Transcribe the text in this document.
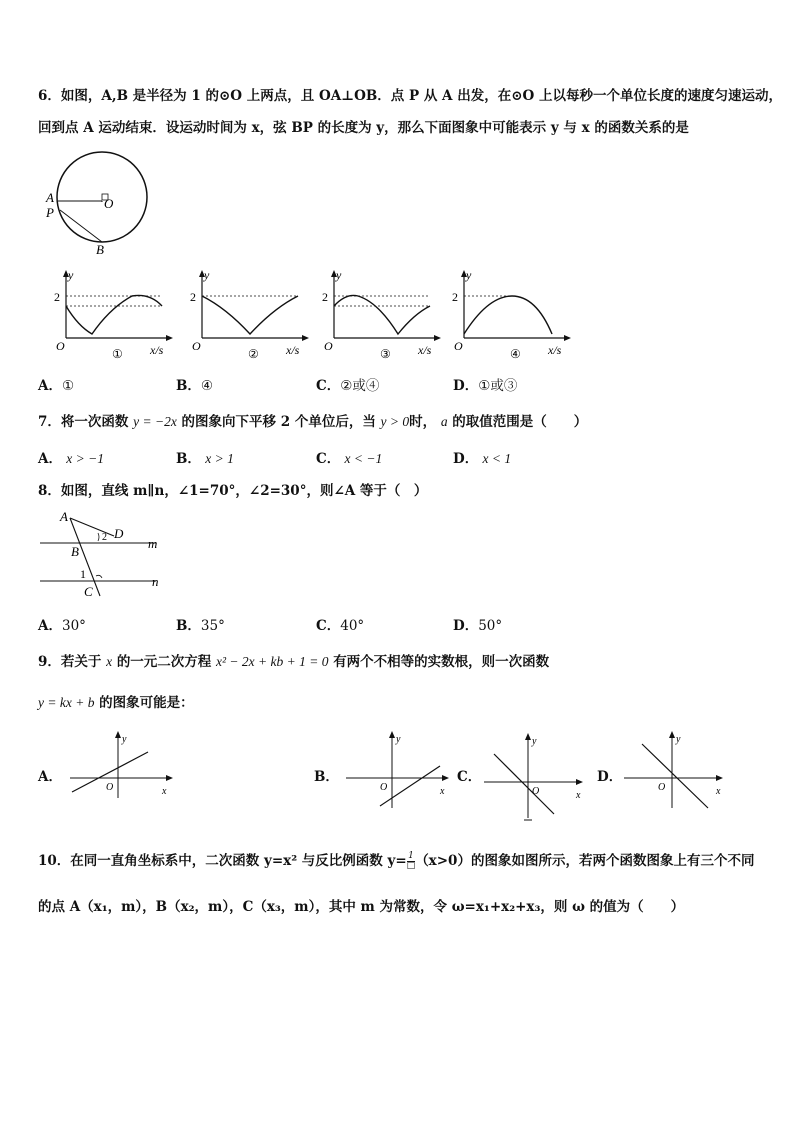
6．如图，A,B 是半径为 1 的⊙O 上两点，且 OA⊥OB．点 P 从 A 出发，在⊙O 上以每秒一个单位长度的速度匀速运动，
回到点 A 运动结束．设运动时间为 x，弦 BP 的长度为 y，那么下面图象中可能表示 y 与 x 的函数关系的是
A
P
O
B
y
2
O	x/s
①
y
2
O	x/s
②
y
2
O	x/s
③
y
2
O	x/s
④
A．①	B．④	C．②或④	D．①或③
7．将一次函数 y = −2x 的图象向下平移 2 个单位后，当 y > 0时， a 的取值范围是（　　）
A． x > −1	B． x > 1	C． x < −1	D． x < 1
8．如图，直线 m∥n，∠1=70°，∠2=30°，则∠A 等于（　）
A
D
2	m
B
1
C
n
A．30°	B．35°	C．40°	D．50°
9．若关于 x 的一元二次方程 x² − 2x + kb + 1 = 0 有两个不相等的实数根，则一次函数
y = kx + b 的图象可能是：
A．
y
O	x
B．
y
O	x
C．
y
O	x
D．
y
O	x
10．在同一直角坐标系中，二次函数 y=x² 与反比例函数 y= 1
□ （x>0）的图象如图所示，若两个函数图象上有三个不同
的点 A（x₁，m），B（x₂，m），C（x₃，m），其中 m 为常数，令 ω=x₁+x₂+x₃，则 ω 的值为（　　）
